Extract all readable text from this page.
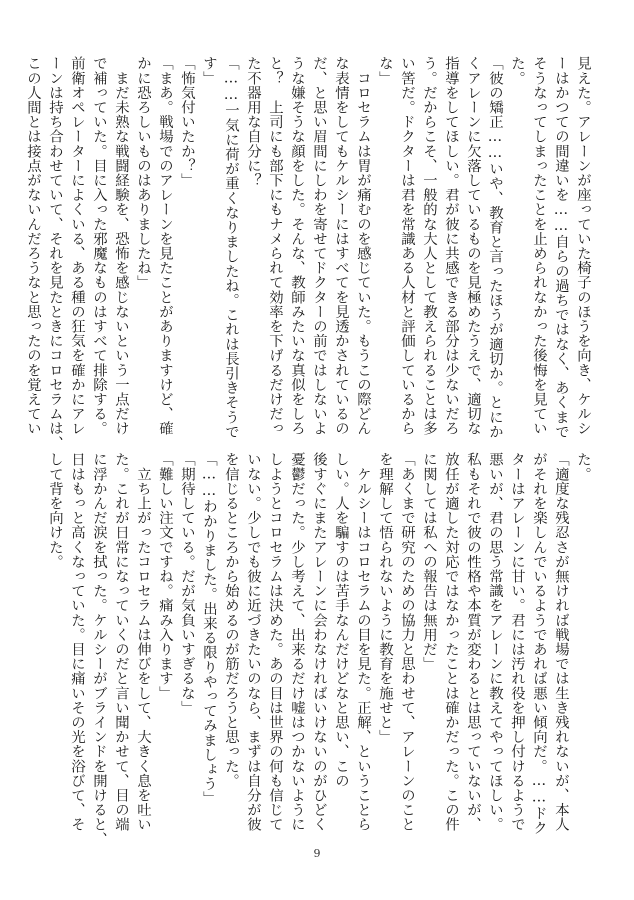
見えた。アレーンが座っていた椅子のほうを向き、ケルシ
ーはかつての間違いを……自らの過ちではなく、あくまで
そうなってしまったことを止められなかった後悔を見てい
た。
「彼の矯正……いや、教育と言ったほうが適切か。とにか
くアレーンに欠落しているものを見極めたうえで、適切な
指導をしてほしい。君が彼に共感できる部分は少ないだろ
う。だからこそ、一般的な大人として教えられることは多
い筈だ。ドクターは君を常識ある人材と評価しているから
な」
　コロセラムは胃が痛むのを感じていた。もうこの際どん
な表情をしてもケルシーにはすべてを見透かされているの
だ、と思い眉間にしわを寄せてドクターの前ではしないよ
うな嫌そうな顔をした。そんな、教師みたいな真似をしろ
と？　上司にも部下にもナメられて効率を下げるだけだっ
た不器用な自分に？
「……一気に荷が重くなりましたね。これは長引きそうで
す」
「怖気付いたか？」
「まあ。戦場でのアレーンを見たことがありますけど、確
かに恐ろしいものはありましたね」
　まだ未熟な戦闘経験を、恐怖を感じないという一点だけ
で補っていた。目に入った邪魔なものはすべて排除する。
前衛オペレーターによくいる、ある種の狂気を確かにアレ
ーンは持ち合わせていて、それを見たときにコロセラムは、
この人間とは接点がないんだろうなと思ったのを覚えてい
た。
「適度な残忍さが無ければ戦場では生き残れないが、本人
がそれを楽しんでいるようであれば悪い傾向だ。……ドク
ターはアレーンに甘い。君には汚れ役を押し付けるようで
悪いが、君の思う常識をアレーンに教えてやってほしい。
私もそれで彼の性格や本質が変わるとは思っていないが、
放任が適した対応ではなかったことは確かだった。この件
に関しては私への報告は無用だ」
「あくまで研究のための協力と思わせて、アレーンのこと
を理解して悟られないように教育を施せと」
　ケルシーはコロセラムの目を見た。正解、ということら
しい。人を騙すのは苦手なんだけどなと思い、この
後すぐにまたアレーンに会わなければいけないのがひどく
憂鬱だった。少し考えて、出来るだけ嘘はつかないように
しようとコロセラムは決めた。あの目は世界の何も信じて
いない。少しでも彼に近づきたいのなら、まずは自分が彼
を信じるところから始めるのが筋だろうと思った。
「……わかりました。出来る限りやってみましょう」
「期待している。だが気負いすぎるな」
「難しい注文ですね。痛み入ります」
　立ち上がったコロセラムは伸びをして、大きく息を吐い
た。これが日常になっていくのだと言い聞かせて、目の端
に浮かんだ涙を拭った。ケルシーがブラインドを開けると、
日はもっと高くなっていた。目に痛いその光を浴びて、そ
して背を向けた。
9
